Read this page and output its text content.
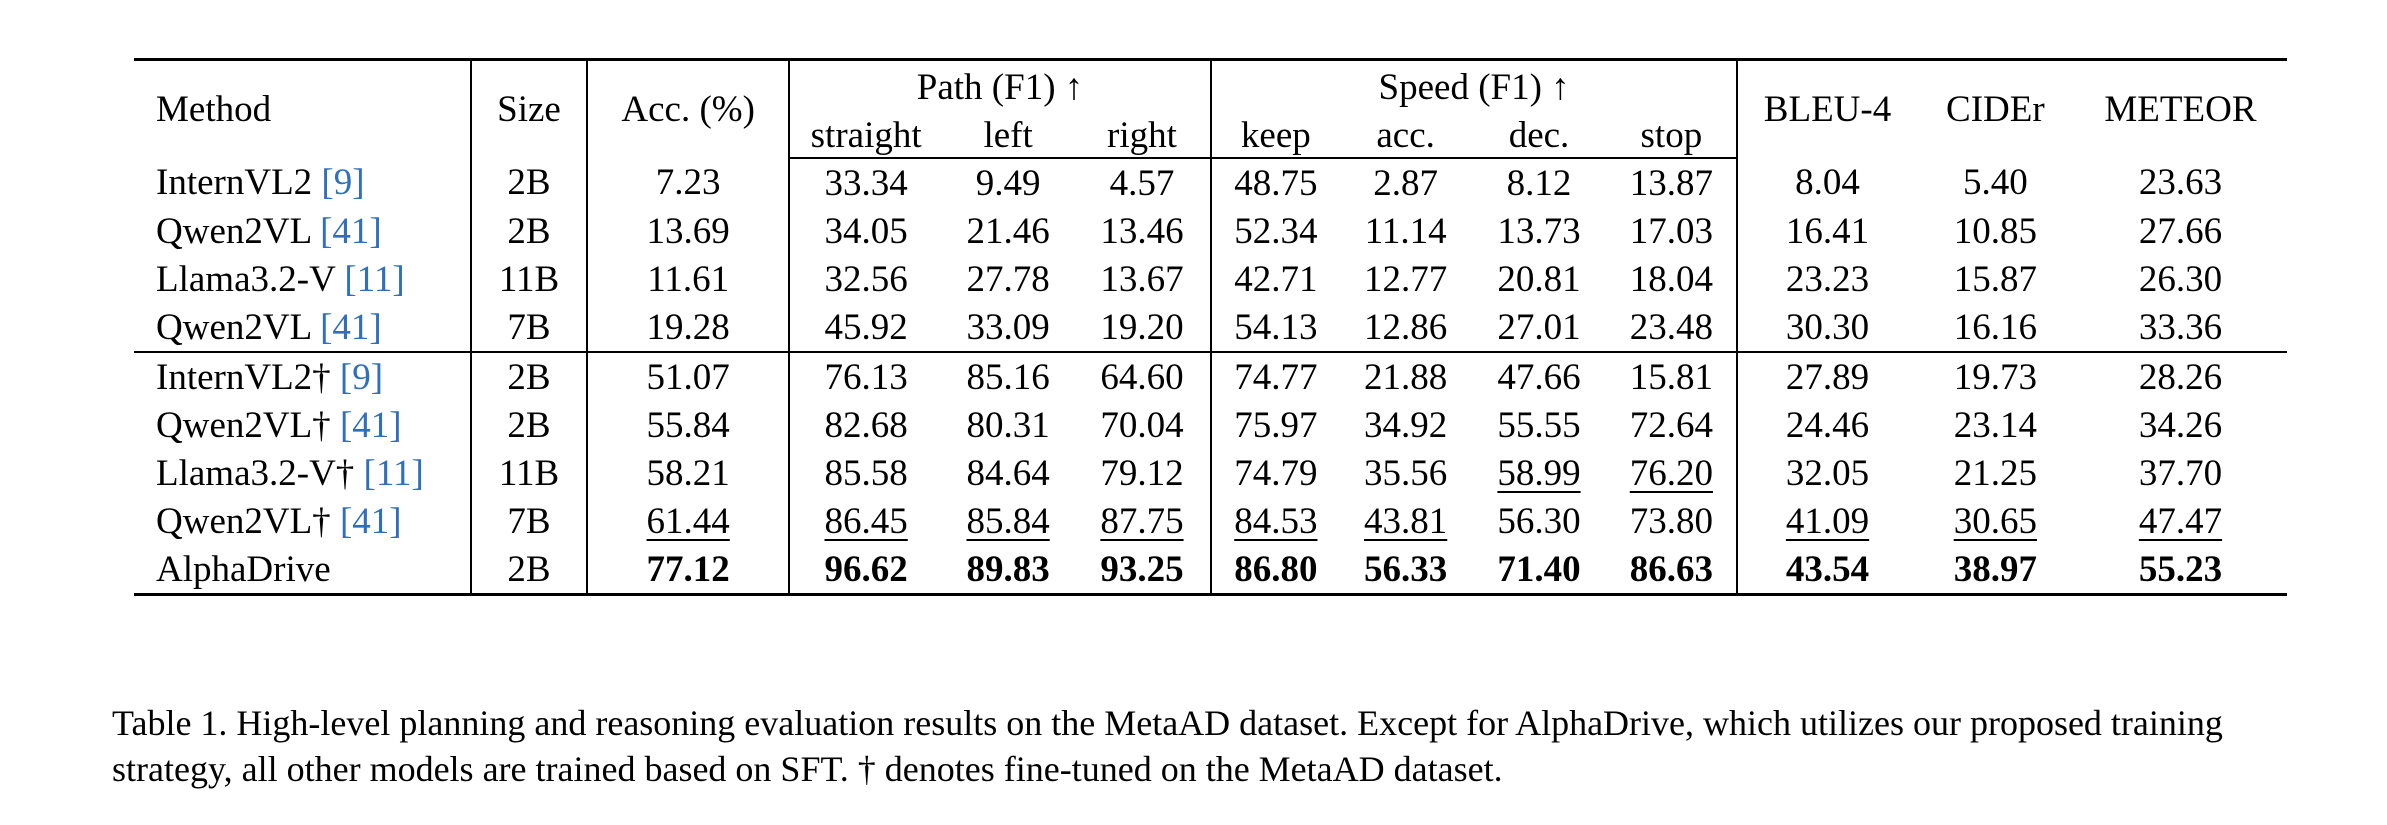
Method	Size	Acc. (%)	Path (F1) ↑			Speed (F1) ↑				BLEU-4	CIDEr	METEOR
			straight	left	right	keep	acc.	dec.	stop			
InternVL2 [9]	2B	7.23	33.34	9.49	4.57	48.75	2.87	8.12	13.87	8.04	5.40	23.63
Qwen2VL [41]	2B	13.69	34.05	21.46	13.46	52.34	11.14	13.73	17.03	16.41	10.85	27.66
Llama3.2-V [11]	11B	11.61	32.56	27.78	13.67	42.71	12.77	20.81	18.04	23.23	15.87	26.30
Qwen2VL [41]	7B	19.28	45.92	33.09	19.20	54.13	12.86	27.01	23.48	30.30	16.16	33.36
InternVL2† [9]	2B	51.07	76.13	85.16	64.60	74.77	21.88	47.66	15.81	27.89	19.73	28.26
Qwen2VL† [41]	2B	55.84	82.68	80.31	70.04	75.97	34.92	55.55	72.64	24.46	23.14	34.26
Llama3.2-V† [11]	11B	58.21	85.58	84.64	79.12	74.79	35.56	58.99	76.20	32.05	21.25	37.70
Qwen2VL† [41]	7B	61.44	86.45	85.84	87.75	84.53	43.81	56.30	73.80	41.09	30.65	47.47
AlphaDrive	2B	77.12	96.62	89.83	93.25	86.80	56.33	71.40	86.63	43.54	38.97	55.23
Table 1. High-level planning and reasoning evaluation results on the MetaAD dataset. Except for AlphaDrive, which utilizes our proposed training strategy, all other models are trained based on SFT. † denotes fine-tuned on the MetaAD dataset.
